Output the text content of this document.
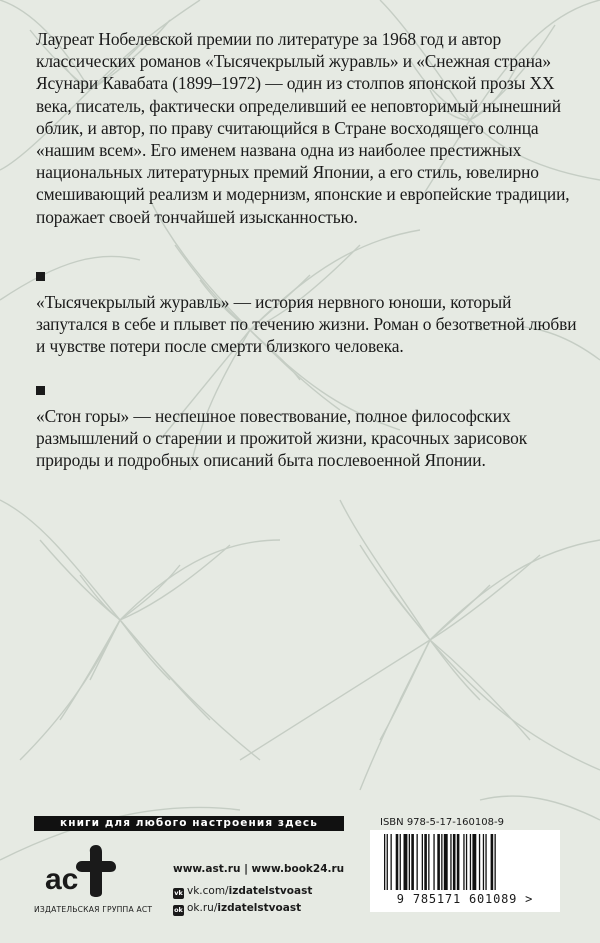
Лауреат Нобелевской премии по литературе за 1968 год и автор классических романов «Тысячекрылый журавль» и «Снежная страна» Ясунари Кавабата (1899–1972) — один из столпов японской прозы XX века, писатель, фактически определивший ее неповторимый нынешний облик, и автор, по праву считающийся в Стране восходящего солнца «нашим всем». Его именем названа одна из наиболее престижных национальных литературных премий Японии, а его стиль, ювелирно смешивающий реализм и модернизм, японские и европейские традиции, поражает своей тончайшей изысканностью.

«Тысячекрылый журавль» — история нервного юноши, который запутался в себе и плывет по течению жизни. Роман о безответной любви и чувстве потери после смерти близкого человека.

«Стон горы» — неспешное повествование, полное философских размышлений о старении и прожитой жизни, красочных зарисовок природы и подробных описаний быта послевоенной Японии.

книги для любого настроения здесь
ac
ИЗДАТЕЛЬСКАЯ ГРУППА АСТ
www.ast.ru | www.book24.ru
vk vk.com/izdatelstvoast
ok ok.ru/izdatelstvoast
ISBN 978-5-17-160108-9
9 785171 601089 >
